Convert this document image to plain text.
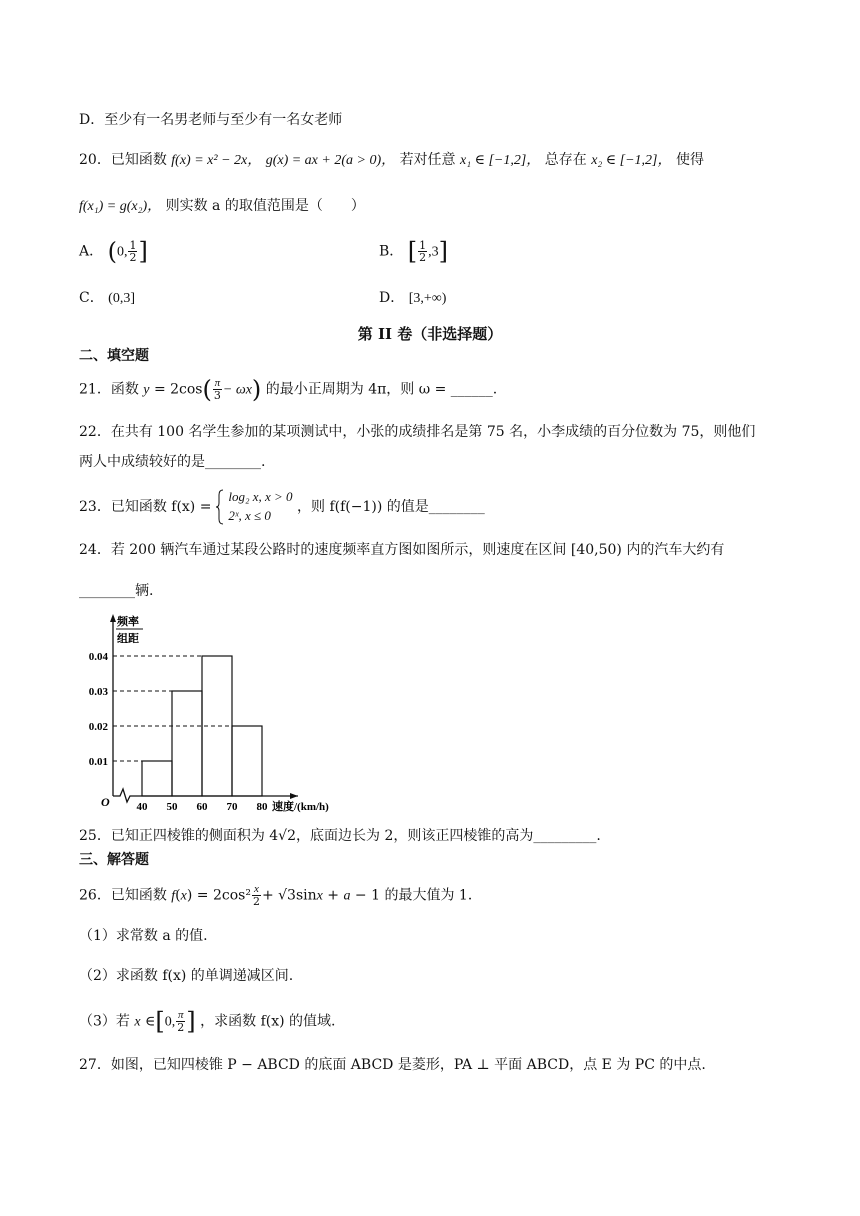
D．至少有一名男老师与至少有一名女老师
20．已知函数 f(x) = x² − 2x， g(x) = ax + 2(a > 0)， 若对任意 x₁ ∈ [−1,2]， 总存在 x₂ ∈ [−1,2]， 使得
f(x₁) = g(x₂)， 则实数 a 的取值范围是（　　）
A． (0, $\frac{1}{2}$ ]	B． [ $\frac{1}{2} ,3$]
C． (0,3]	D． [3,+∞)
第 II 卷（非选择题）
二、填空题
21．函数 $y = 2\cos( \frac{\pi}{3} - \omega x)$ 的最小正周期为 4π，则 ω = ______.
22．在共有 100 名学生参加的某项测试中，小张的成绩排名是第 75 名，小李成绩的百分位数为 75，则他们
两人中成绩较好的是________.
23．已知函数 f(x) =  log₂ x, x > 0
2ˣ, x ≤ 0 ，则 f(f(−1)) 的值是________
24．若 200 辆汽车通过某段公路时的速度频率直方图如图所示，则速度在区间 [40,50) 内的汽车大约有
________辆.
0.01
0.02
0.03
0.04
40 50 60 70 80
O	速度/(km/h)
频率
组距
25．已知正四棱锥的侧面积为 4√2，底面边长为 2，则该正四棱锥的高为_________.
三、解答题
26．已知函数 $f(x) = 2\cos^2 \frac{x}{2} + √3\sin x + a - 1$ 的最大值为 1．
（1）求常数 a 的值.
（2）求函数 f(x) 的单调递减区间.
（3）若 x ∈[0, $\frac{\pi}{2}$ ] ，求函数 f(x) 的值域.
27．如图，已知四棱锥 P − ABCD 的底面 ABCD 是菱形，PA ⊥ 平面 ABCD，点 E 为 PC 的中点.
